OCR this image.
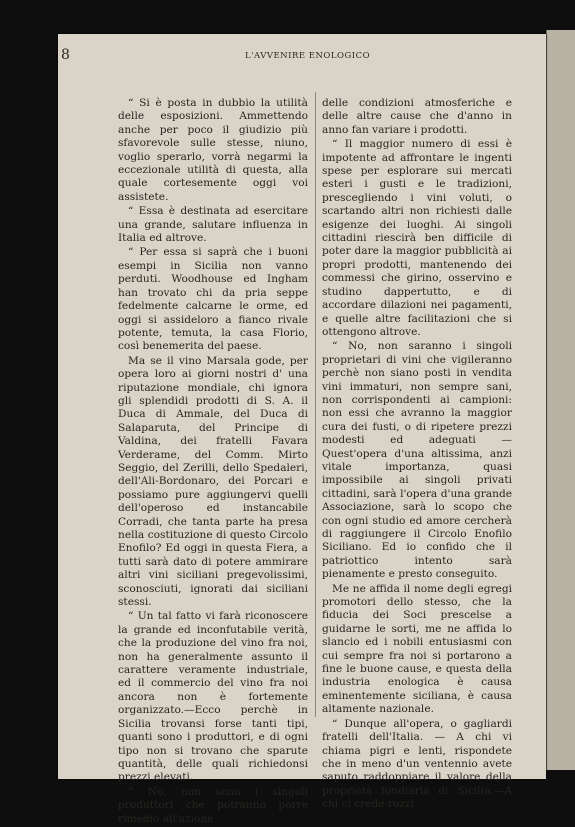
8	L'AVVENIRE ENOLOGICO

“ Si è posta in dubbio la utilità delle esposizioni. Ammettendo anche per poco il giudizio più sfavorevole sulle stesse, niuno, voglio sperarlo, vorrà negarmi la eccezionale utilità di questa, alla quale cortesemente oggi voi assistete.

“ Essa è destinata ad esercitare una grande, salutare influenza in Italia ed altrove.

“ Per essa si saprà che i buoni esempi in Sicilia non vanno perduti. Woodhouse ed Ingham han trovato chi da pria seppe fedelmente calcarne le orme, ed oggi si assideloro a fianco rivale potente, temuta, la casa Florio, così benemerita del paese.

Ma se il vino Marsala gode, per opera loro ai giorni nostri d' una riputazione mondiale, chi ignora gli splendidi prodotti di S. A. il Duca di Ammale, del Duca di Salaparuta, del Principe di Valdina, dei fratelli Favara Verderame, del Comm. Mirto Seggio, del Zerilli, dello Spedaleri, dell'Ali-Bordonaro, dei Porcari e possiamo pure aggiungervi quelli dell'operoso ed instancabile Corradi, che tanta parte ha presa nella costituzione di questo Circolo Enofilo? Ed oggi in questa Fiera, a tutti sarà dato di potere ammirare altri vini siciliani pregevolissimi, sconosciuti, ignorati dai siciliani stessi.

“ Un tal fatto vi farà riconoscere la grande ed inconfutabile verità, che la produzione del vino fra noi, non ha generalmente assunto il carattere veramente industriale, ed il commercio del vino fra noi ancora non è fortemente organizzato.—Ecco perchè in Sicilia trovansi forse tanti tipi, quanti sono i produttori, e di ogni tipo non si trovano che sparute quantità, delle quali richiedonsi prezzi elevati.

“ No, non sono i singoli produttori che potranno porre rimedio all'azione

delle condizioni atmosferiche e delle altre cause che d'anno in anno fan variare i prodotti.

“ Il maggior numero di essi è impotente ad affrontare le ingenti spese per esplorare sui mercati esteri i gusti e le tradizioni, prescegliendo i vini voluti, o scartando altri non richiesti dalle esigenze dei luoghi. Ai singoli cittadini riescirà ben difficile di poter dare la maggior pubblicità ai propri prodotti, mantenendo dei commessi che girino, osservino e studino dappertutto, e di accordare dilazioni nei pagamenti, e quelle altre facilitazioni che si ottengono altrove.

“ No, non saranno i singoli proprietari di vini che vigileranno perchè non siano posti in vendita vini immaturi, non sempre sani, non corrispondenti ai campioni: non essi che avranno la maggior cura dei fusti, o di ripetere prezzi modesti ed adeguati — Quest'opera d'una altissima, anzi vitale importanza, quasi impossibile ai singoli privati cittadini, sarà l'opera d'una grande Associazione, sarà lo scopo che con ogni studio ed amore cercherà di raggiungere il Circolo Enofilo Siciliano. Ed io confido che il patriottico intento sarà pienamente e presto conseguito.

Me ne affida il nome degli egregi promotori dello stesso, che la fiducia dei Soci prescelse a guidarne le sorti, me ne affida lo slancio ed i nobili entusiasmi con cui sempre fra noi si portarono a fine le buone cause, e questa della industria enologica è causa eminentemente siciliana, è causa altamente nazionale.

“ Dunque all'opera, o gagliardi fratelli dell'Italia. — A chi vi chiama pigri e lenti, rispondete che in meno d'un ventennio avete saputo raddoppiare il valore della proprietà fondiaria di Sicilia.—A chi ci crede rozzi
